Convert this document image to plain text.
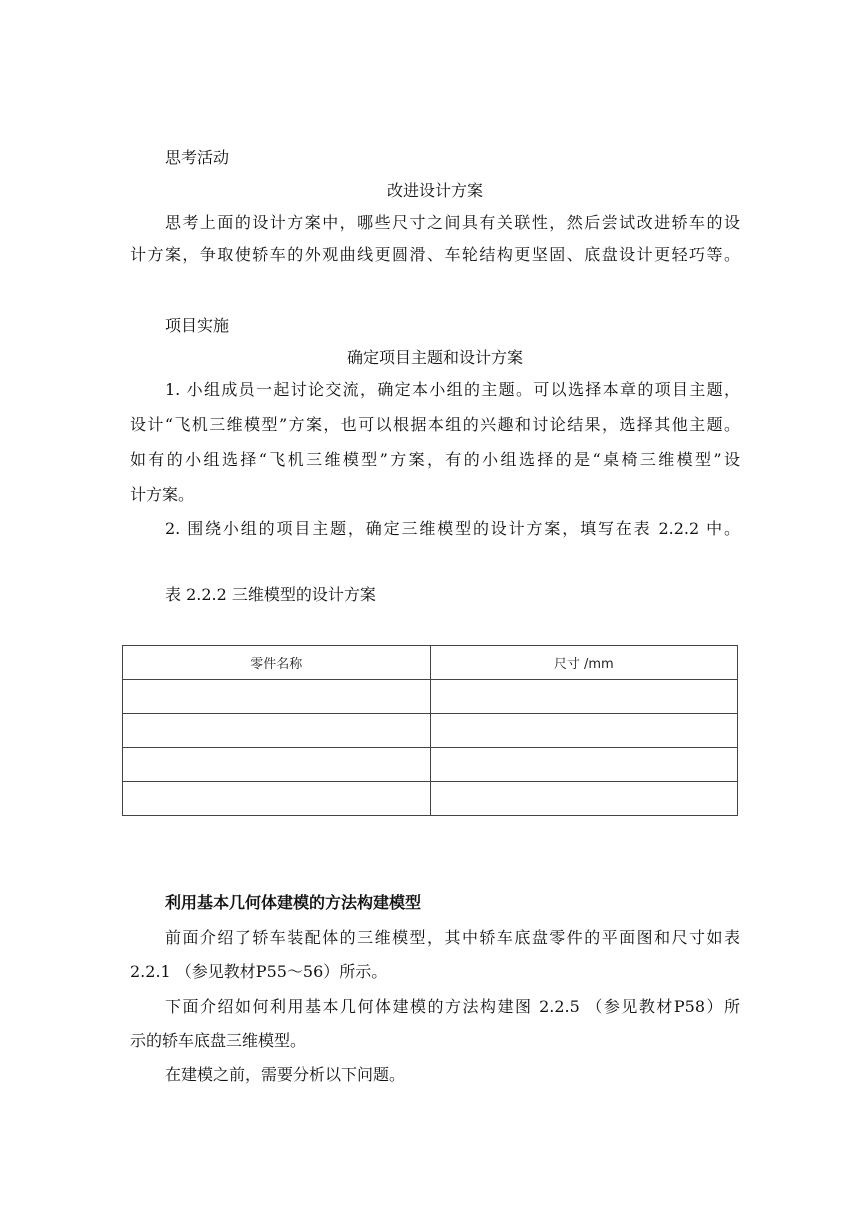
思考活动
改进设计方案
思考上面的设计方案中，哪些尺寸之间具有关联性，然后尝试改进轿车的设
计方案，争取使轿车的外观曲线更圆滑、车轮结构更坚固、底盘设计更轻巧等。
项目实施
确定项目主题和设计方案
1. 小组成员一起讨论交流，确定本小组的主题。可以选择本章的项目主题，
设计“飞机三维模型”方案，也可以根据本组的兴趣和讨论结果，选择其他主题。
如有的小组选择“飞机三维模型”方案，有的小组选择的是“桌椅三维模型”设
计方案。
2. 围绕小组的项目主题，确定三维模型的设计方案，填写在表 2.2.2 中。
表 2.2.2 三维模型的设计方案
零件名称	尺寸 /mm

利用基本几何体建模的方法构建模型
前面介绍了轿车装配体的三维模型，其中轿车底盘零件的平面图和尺寸如表
2.2.1 （参见教材P55～56）所示。
下面介绍如何利用基本几何体建模的方法构建图 2.2.5 （参见教材P58）所
示的轿车底盘三维模型。
在建模之前，需要分析以下问题。
